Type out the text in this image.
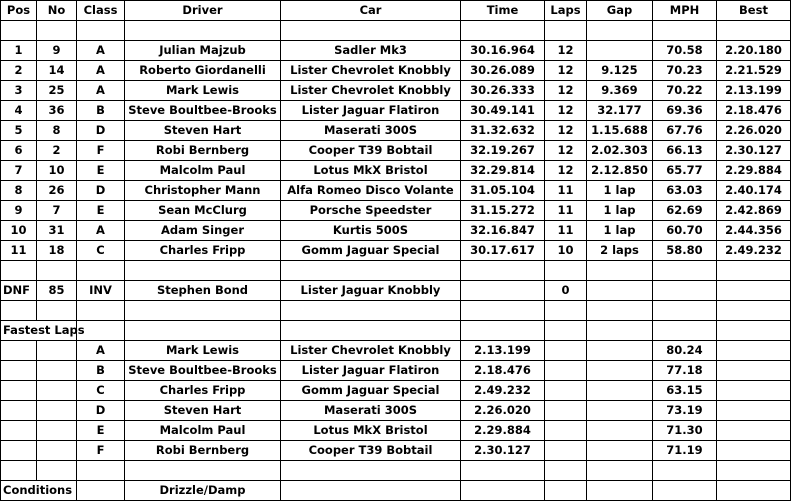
Pos	No	Class	Driver	Car	Time	Laps	Gap	MPH	Best

1	9	A	Julian Majzub	Sadler Mk3	30.16.964	12		70.58	2.20.180
2	14	A	Roberto Giordanelli	Lister Chevrolet Knobbly	30.26.089	12	9.125	70.23	2.21.529
3	25	A	Mark Lewis	Lister Chevrolet Knobbly	30.26.333	12	9.369	70.22	2.13.199
4	36	B	Steve Boultbee-Brooks	Lister Jaguar Flatiron	30.49.141	12	32.177	69.36	2.18.476
5	8	D	Steven Hart	Maserati 300S	31.32.632	12	1.15.688	67.76	2.26.020
6	2	F	Robi Bernberg	Cooper T39 Bobtail	32.19.267	12	2.02.303	66.13	2.30.127
7	10	E	Malcolm Paul	Lotus MkX Bristol	32.29.814	12	2.12.850	65.77	2.29.884
8	26	D	Christopher Mann	Alfa Romeo Disco Volante	31.05.104	11	1 lap	63.03	2.40.174
9	7	E	Sean McClurg	Porsche Speedster	31.15.272	11	1 lap	62.69	2.42.869
10	31	A	Adam Singer	Kurtis 500S	32.16.847	11	1 lap	60.70	2.44.356
11	18	C	Charles Fripp	Gomm Jaguar Special	30.17.617	10	2 laps	58.80	2.49.232

DNF	85	INV	Stephen Bond	Lister Jaguar Knobbly		0			

Fastest Laps									
		A	Mark Lewis	Lister Chevrolet Knobbly	2.13.199			80.24	
		B	Steve Boultbee-Brooks	Lister Jaguar Flatiron	2.18.476			77.18	
		C	Charles Fripp	Gomm Jaguar Special	2.49.232			63.15	
		D	Steven Hart	Maserati 300S	2.26.020			73.19	
		E	Malcolm Paul	Lotus MkX Bristol	2.29.884			71.30	
		F	Robi Bernberg	Cooper T39 Bobtail	2.30.127			71.19	

Conditions			Drizzle/Damp						
